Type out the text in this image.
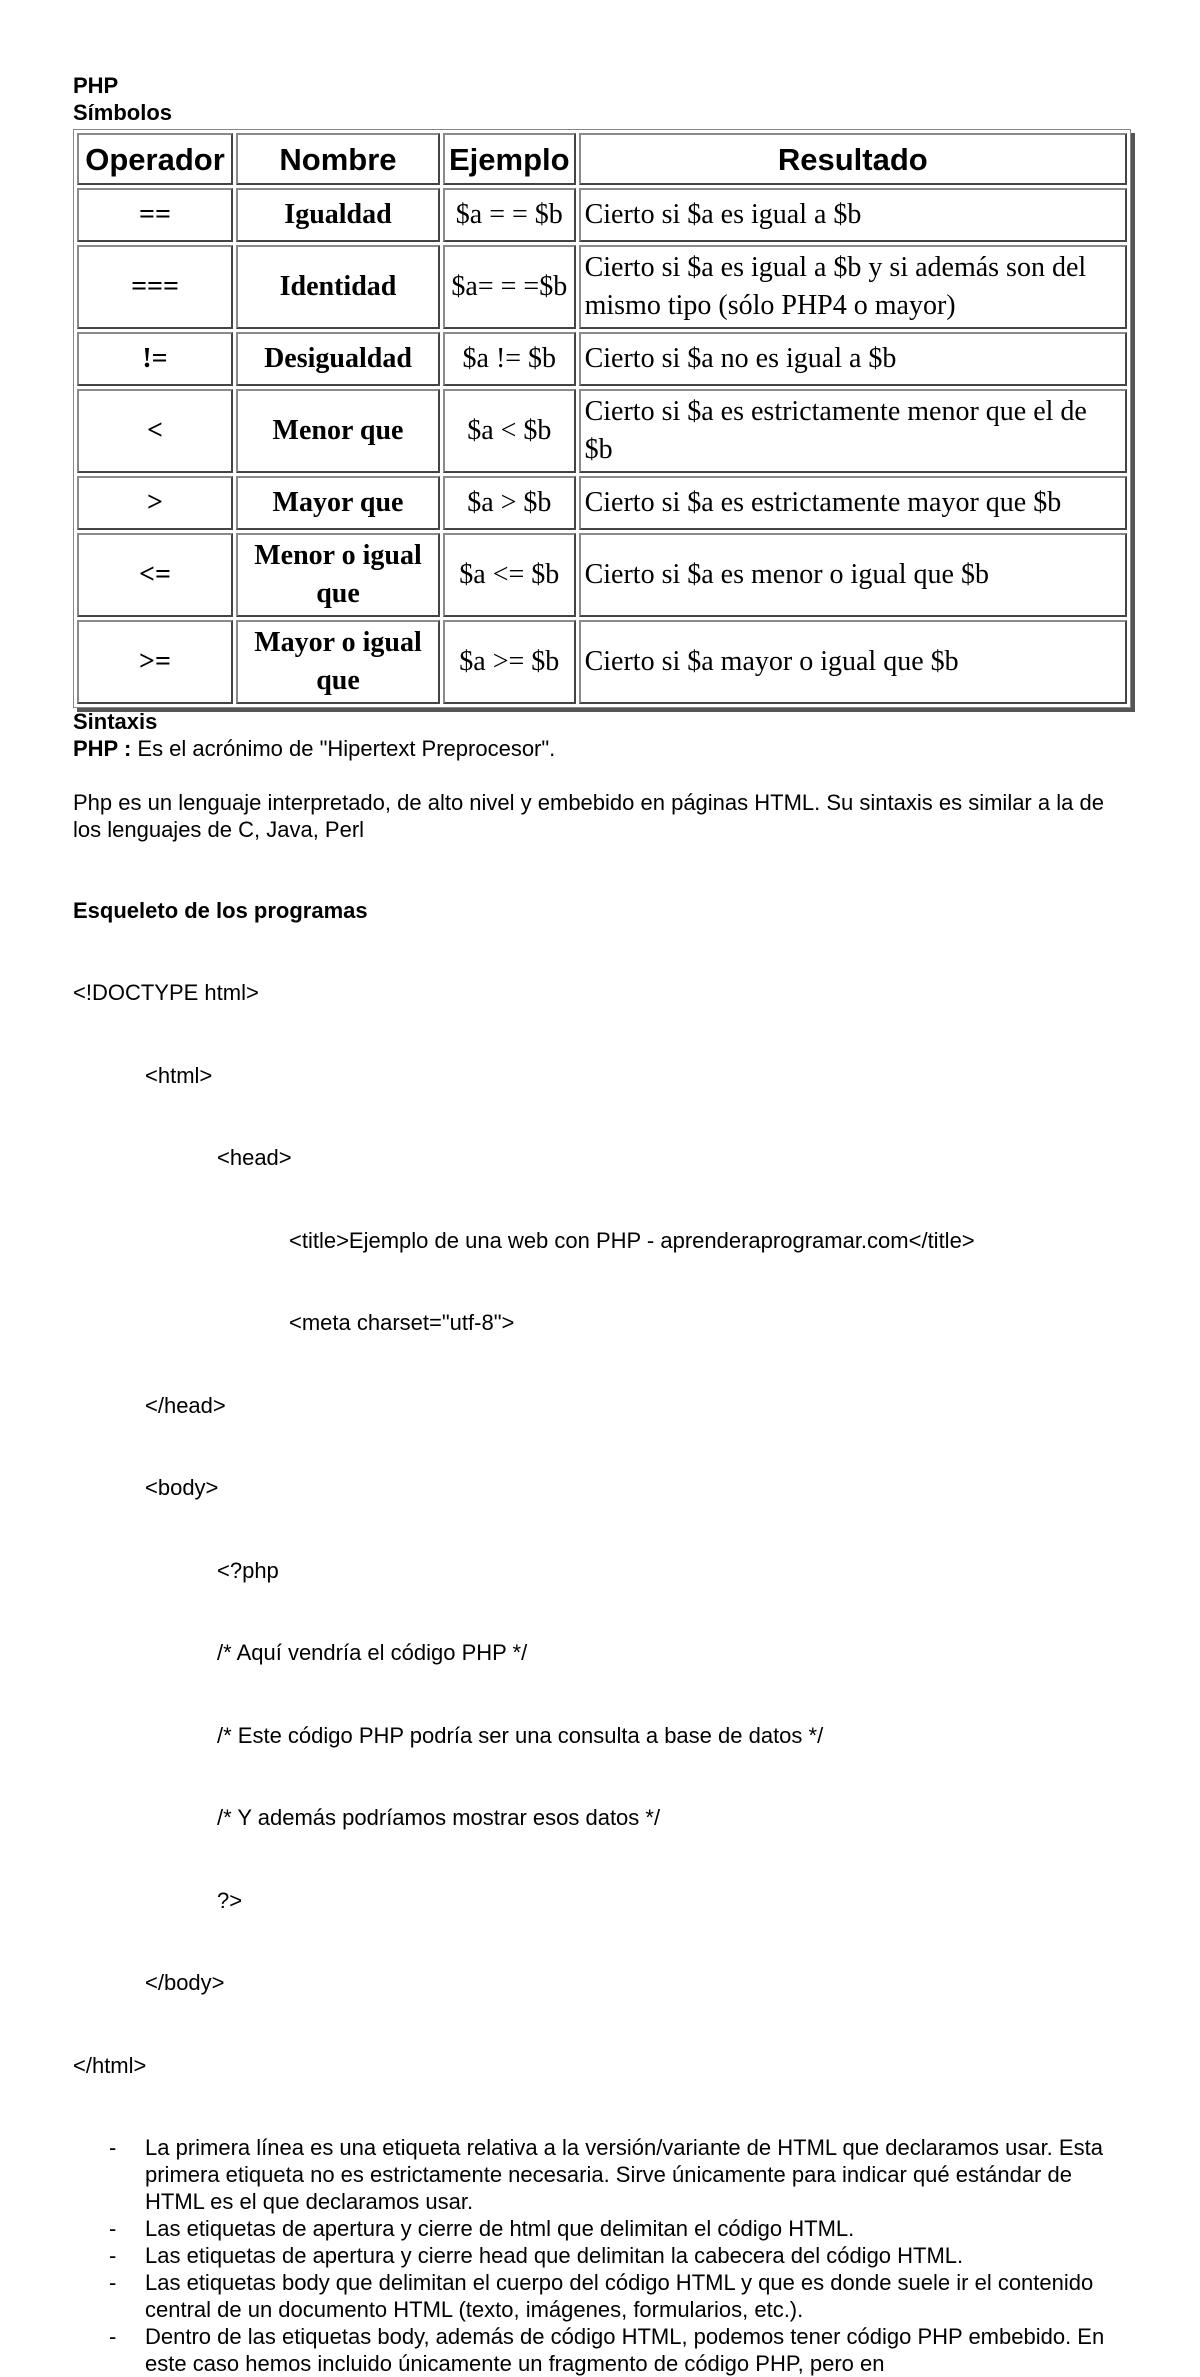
PHP
Símbolos
Operador	Nombre	Ejemplo	Resultado
==	Igualdad	$a = = $b	Cierto si $a es igual a $b
===	Identidad	$a= = =$b	Cierto si $a es igual a $b y si además son del mismo tipo (sólo PHP4 o mayor)
!=	Desigualdad	$a != $b	Cierto si $a no es igual a $b
<	Menor que	$a < $b	Cierto si $a es estrictamente menor que el de $b
>	Mayor que	$a > $b	Cierto si $a es estrictamente mayor que $b
<=	Menor o igual que	$a <= $b	Cierto si $a es menor o igual que $b
>=	Mayor o igual que	$a >= $b	Cierto si $a mayor o igual que $b
Sintaxis
PHP : Es el acrónimo de "Hipertext Preprocesor".
Php es un lenguaje interpretado, de alto nivel y embebido en páginas HTML. Su sintaxis es similar a la de los lenguajes de C, Java, Perl
Esqueleto de los programas

<!DOCTYPE html>

<html>

<head>

<title>Ejemplo de una web con PHP - aprenderaprogramar.com</title>

<meta charset="utf-8">

</head>

<body>

<?php

/* Aquí vendría el código PHP */

/* Este código PHP podría ser una consulta a base de datos */

/* Y además podríamos mostrar esos datos */

?>

</body>

</html>

- La primera línea es una etiqueta relativa a la versión/variante de HTML que declaramos usar. Esta primera etiqueta no es estrictamente necesaria. Sirve únicamente para indicar qué estándar de HTML es el que declaramos usar.
- Las etiquetas de apertura y cierre de html que delimitan el código HTML.
- Las etiquetas de apertura y cierre head que delimitan la cabecera del código HTML.
- Las etiquetas body que delimitan el cuerpo del código HTML y que es donde suele ir el contenido central de un documento HTML (texto, imágenes, formularios, etc.).
- Dentro de las etiquetas body, además de código HTML, podemos tener código PHP embebido. En este caso hemos incluido únicamente un fragmento de código PHP, pero en
